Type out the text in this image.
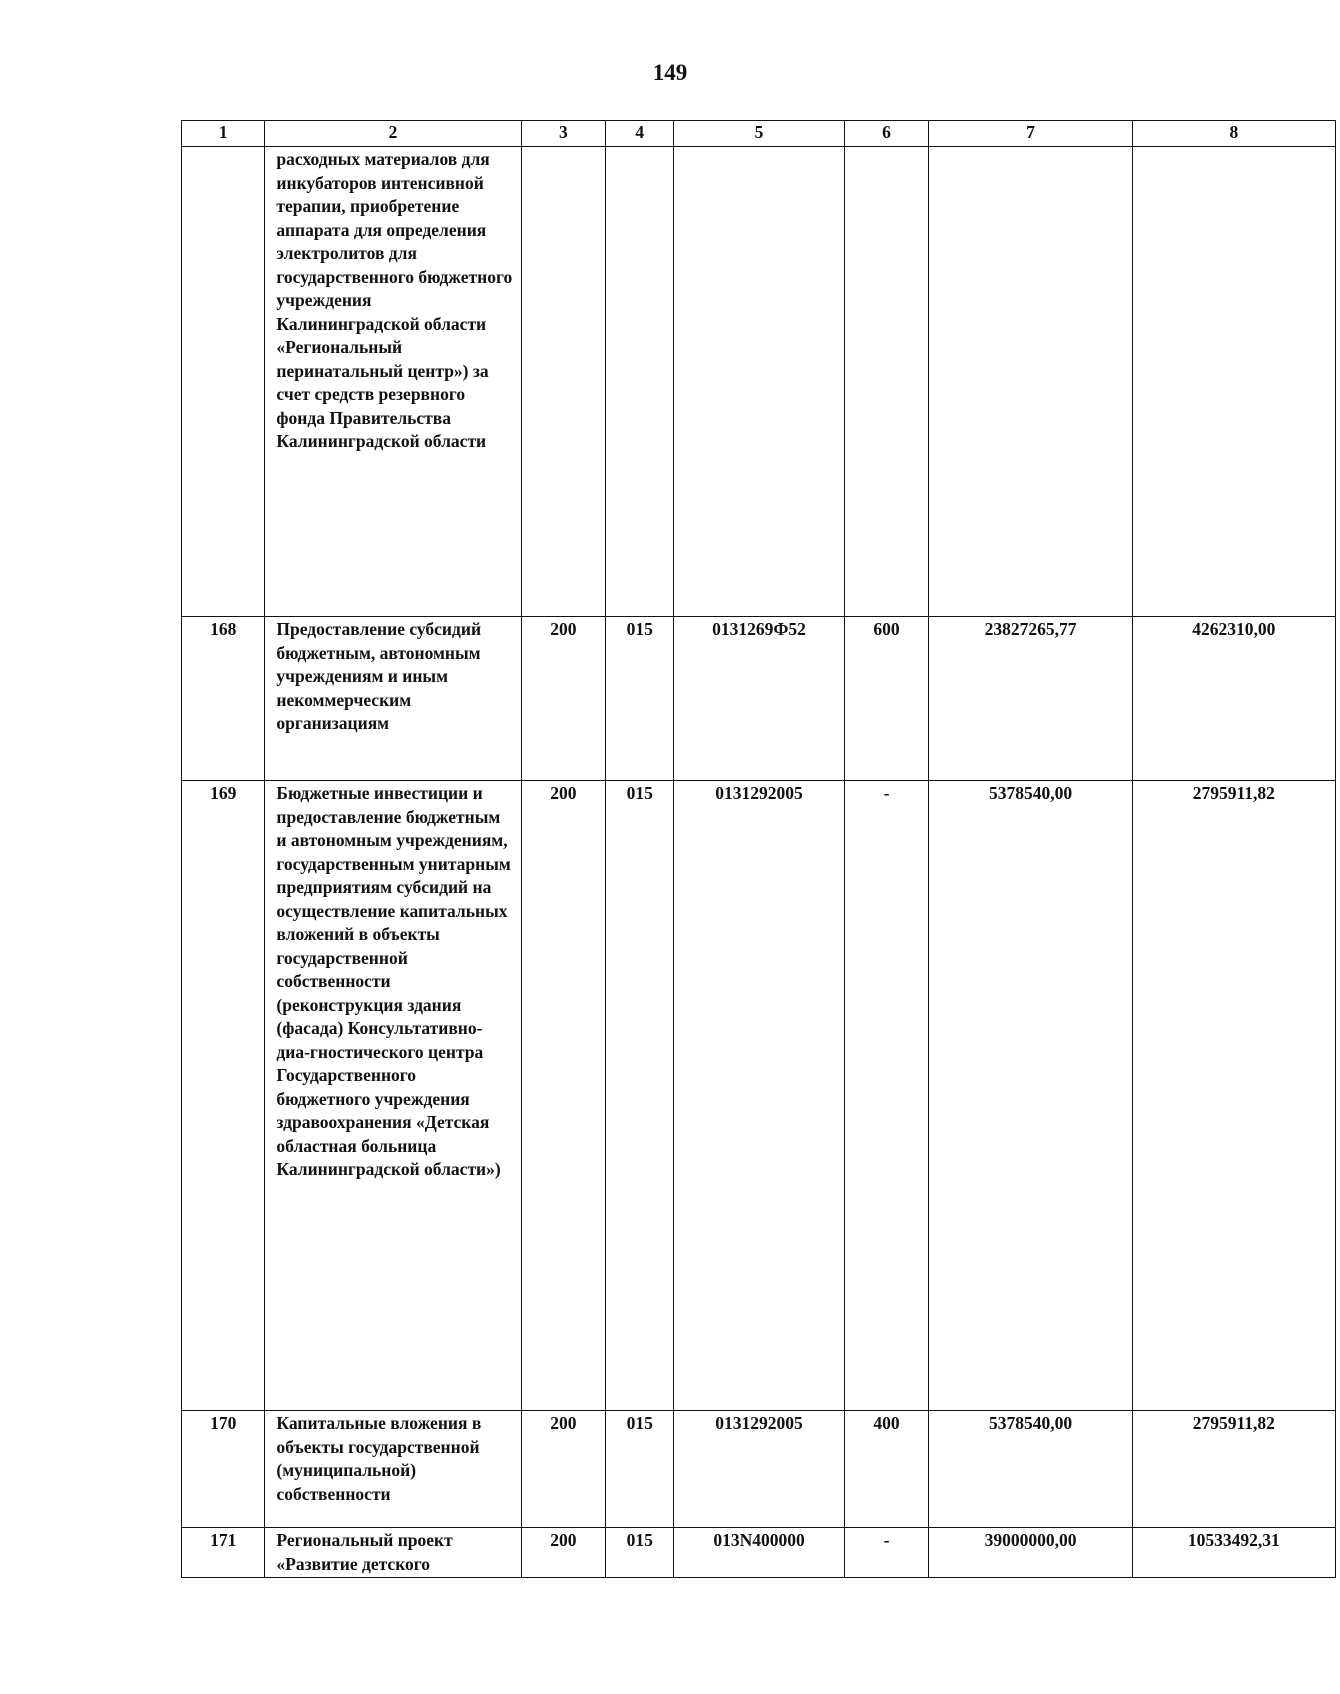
149
1	2	3	4	5	6	7	8
	расходных материалов для инкубаторов интенсивной терапии, приобретение аппарата для определения электролитов для государственного бюджетного учреждения Калининградской области «Региональный перинатальный центр») за счет средств резервного фонда Правительства Калининградской области						
168	Предоставление субсидий бюджетным, автономным учреждениям и иным некоммерческим организациям	200	015	0131269Ф52	600	23827265,77	4262310,00
169	Бюджетные инвестиции и предоставление бюджетным и автономным учреждениям, государственным унитарным предприятиям субсидий на осуществление капитальных вложений в объекты государственной собственности (реконструкция здания (фасада) Консультативно-диа-гностического центра Государственного бюджетного учреждения здравоохранения «Детская областная больница Калининградской области»)	200	015	0131292005	-	5378540,00	2795911,82
170	Капитальные вложения в объекты государственной (муниципальной) собственности	200	015	0131292005	400	5378540,00	2795911,82
171	Региональный проект «Развитие детского	200	015	013N400000	-	39000000,00	10533492,31
